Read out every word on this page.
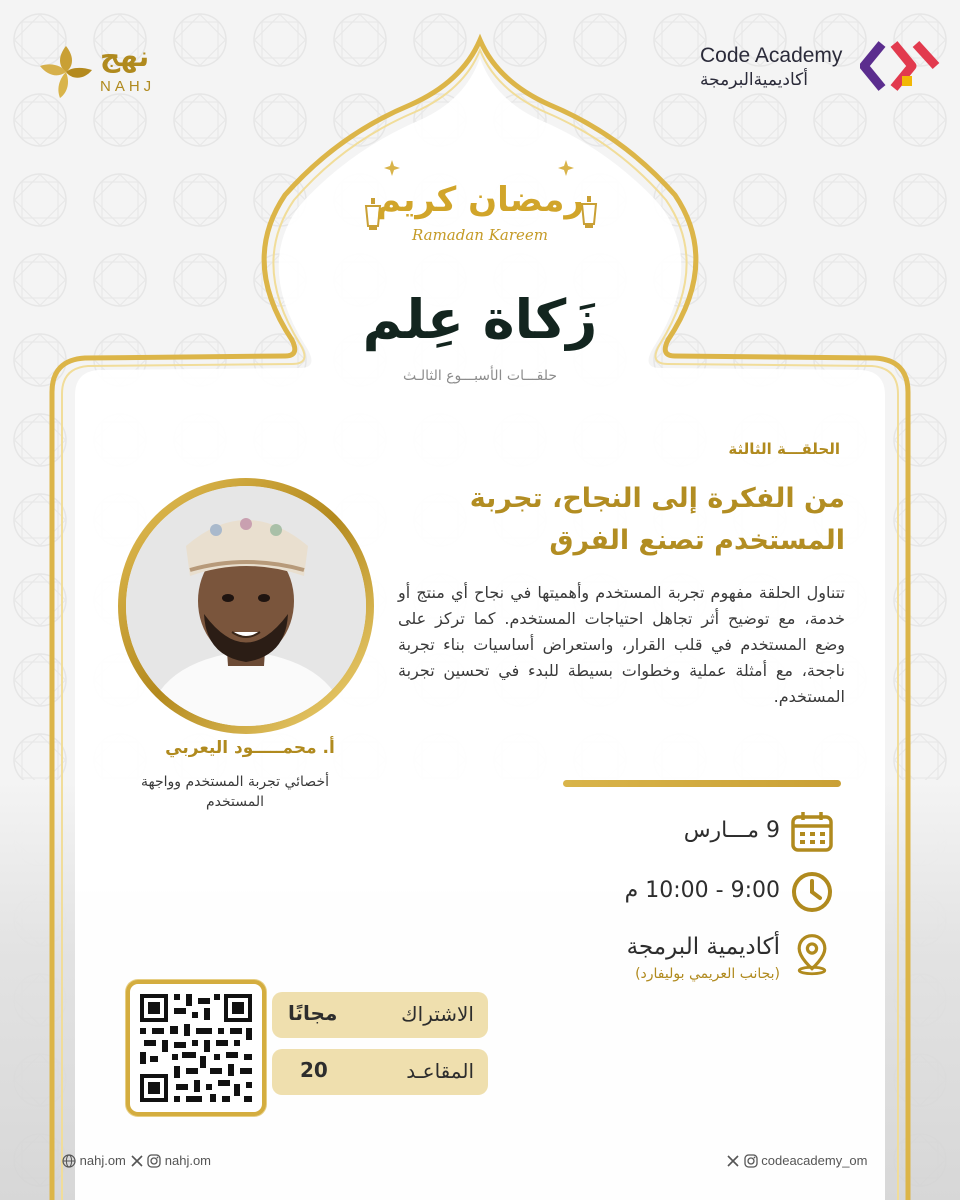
Code Academy
أكاديميةالبرمجة
نهج
NAHJ
رمضان كريم
Ramadan Kareem
زَكاة عِلم
حلقـــات الأسبـــوع الثالـث
الحلقـــة الثالثة
من الفكرة إلى النجاح، تجربة المستخدم تصنع الفرق
تتناول الحلقة مفهوم تجربة المستخدم وأهميتها في نجاح أي منتج أو خدمة، مع توضيح أثر تجاهل احتياجات المستخدم. كما تركز على وضع المستخدم في قلب القرار، واستعراض أساسيات بناء تجربة ناجحة، مع أمثلة عملية وخطوات بسيطة للبدء في تحسين تجربة المستخدم.
أ. محمـــــود اليعربي
أخصائي تجربة المستخدم وواجهة المستخدم
9 مـــارس
9:00 - 10:00 م
أكاديمية البرمجة
(بجانب العريمي بوليفارد)
الاشتراك
مجانًا
المقاعـد
20
nahj.om	nahj.om	codeacademy_om
